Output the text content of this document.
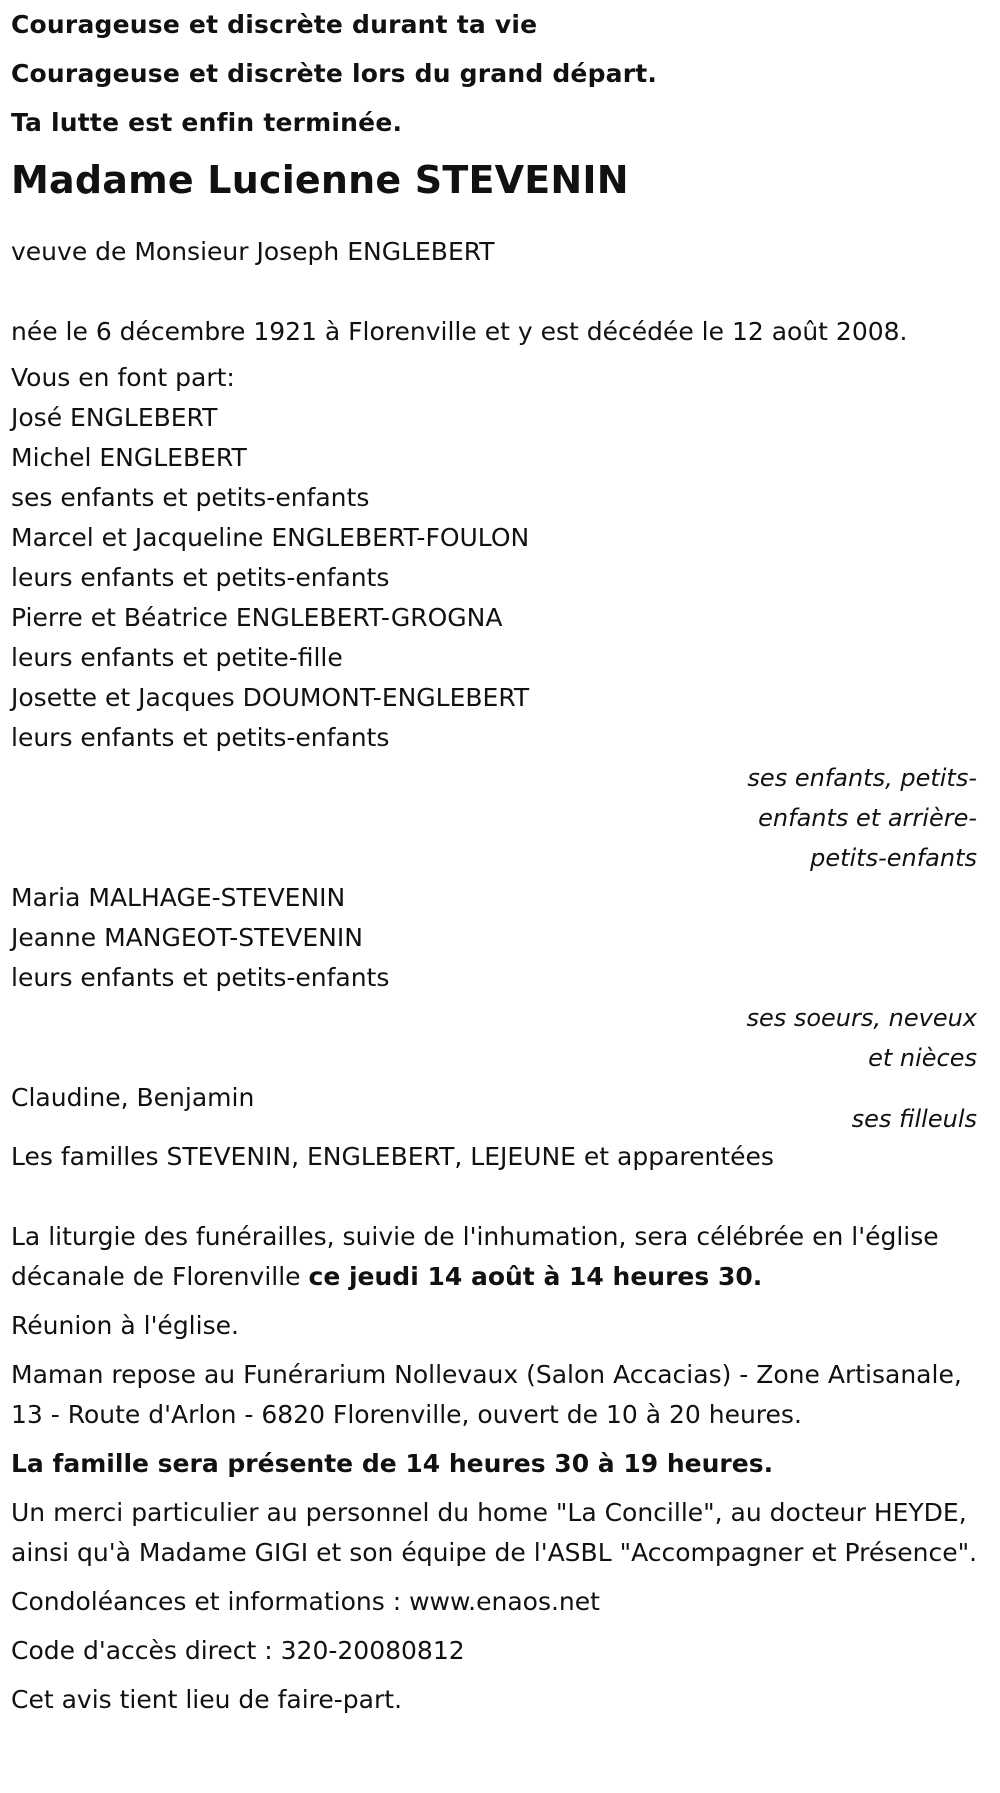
Courageuse et discrète durant ta vie
Courageuse et discrète lors du grand départ.
Ta lutte est enfin terminée.
Madame Lucienne STEVENIN
veuve de Monsieur Joseph ENGLEBERT
née le 6 décembre 1921 à Florenville et y est décédée le 12 août 2008.
Vous en font part:
José ENGLEBERT
Michel ENGLEBERT
ses enfants et petits-enfants
Marcel et Jacqueline ENGLEBERT-FOULON
leurs enfants et petits-enfants
Pierre et Béatrice ENGLEBERT-GROGNA
leurs enfants et petite-fille
Josette et Jacques DOUMONT-ENGLEBERT
leurs enfants et petits-enfants
ses enfants, petits-
enfants et arrière-
petits-enfants
Maria MALHAGE-STEVENIN
Jeanne MANGEOT-STEVENIN
leurs enfants et petits-enfants
ses soeurs, neveux
et nièces
Claudine, Benjamin
ses filleuls
Les familles STEVENIN, ENGLEBERT, LEJEUNE et apparentées
La liturgie des funérailles, suivie de l'inhumation, sera célébrée en l'église décanale de Florenville ce jeudi 14 août à 14 heures 30.
Réunion à l'église.
Maman repose au Funérarium Nollevaux (Salon Accacias) - Zone Artisanale, 13 - Route d'Arlon - 6820 Florenville, ouvert de 10 à 20 heures.
La famille sera présente de 14 heures 30 à 19 heures.
Un merci particulier au personnel du home "La Concille", au docteur HEYDE, ainsi qu'à Madame GIGI et son équipe de l'ASBL "Accompagner et Présence".
Condoléances et informations : www.enaos.net
Code d'accès direct : 320-20080812
Cet avis tient lieu de faire-part.
